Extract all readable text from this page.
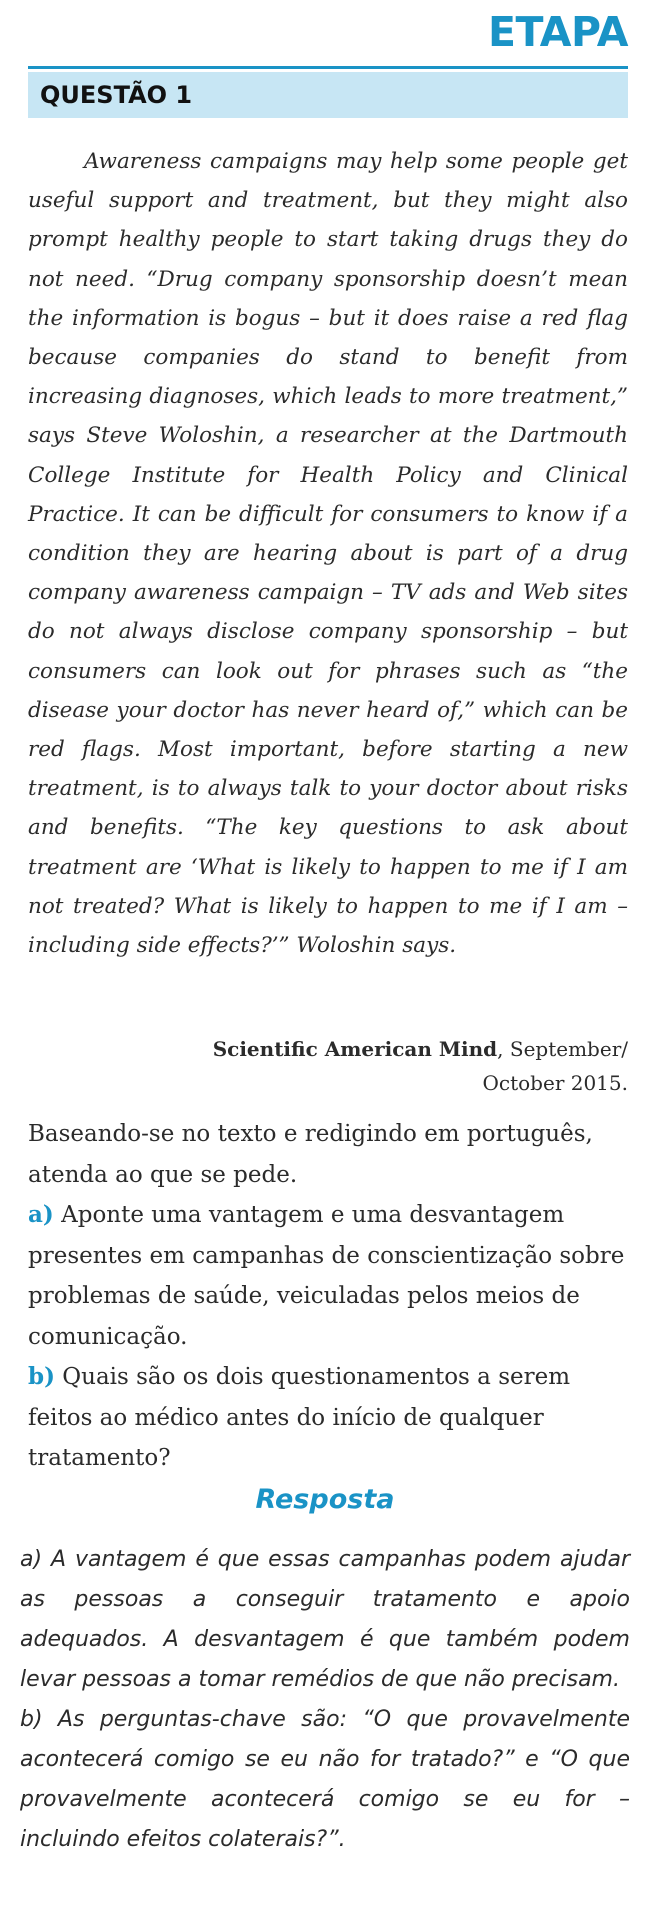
ETAPA
QUESTÃO 1

Awareness campaigns may help some people get useful support and treatment, but they might also prompt healthy people to start taking drugs they do not need. “Drug company sponsorship doesn’t mean the information is bogus – but it does raise a red flag because companies do stand to benefit from increasing diagnoses, which leads to more treatment,” says Steve Woloshin, a researcher at the Dartmouth College Institute for Health Policy and Clinical Practice. It can be difficult for consumers to know if a condition they are hearing about is part of a drug company awareness campaign – TV ads and Web sites do not always disclose company sponsorship – but consumers can look out for phrases such as “the disease your doctor has never heard of,” which can be red flags. Most important, before starting a new treatment, is to always talk to your doctor about risks and benefits. “The key questions to ask about treatment are ‘What is likely to happen to me if I am not treated? What is likely to happen to me if I am – including side effects?’” Woloshin says.

Scientific American Mind, September/
October 2015.

Baseando-se no texto e redigindo em português, atenda ao que se pede.

a) Aponte uma vantagem e uma desvantagem presentes em campanhas de conscientização sobre problemas de saúde, veiculadas pelos meios de comunicação.

b) Quais são os dois questionamentos a serem feitos ao médico antes do início de qualquer tratamento?

Resposta

a) A vantagem é que essas campanhas podem ajudar as pessoas a conseguir tratamento e apoio adequados. A desvantagem é que também podem levar pessoas a tomar remédios de que não precisam.

b) As perguntas-chave são: “O que provavelmente acontecerá comigo se eu não for tratado?” e “O que provavelmente acontecerá comigo se eu for – incluindo efeitos colaterais?”.
